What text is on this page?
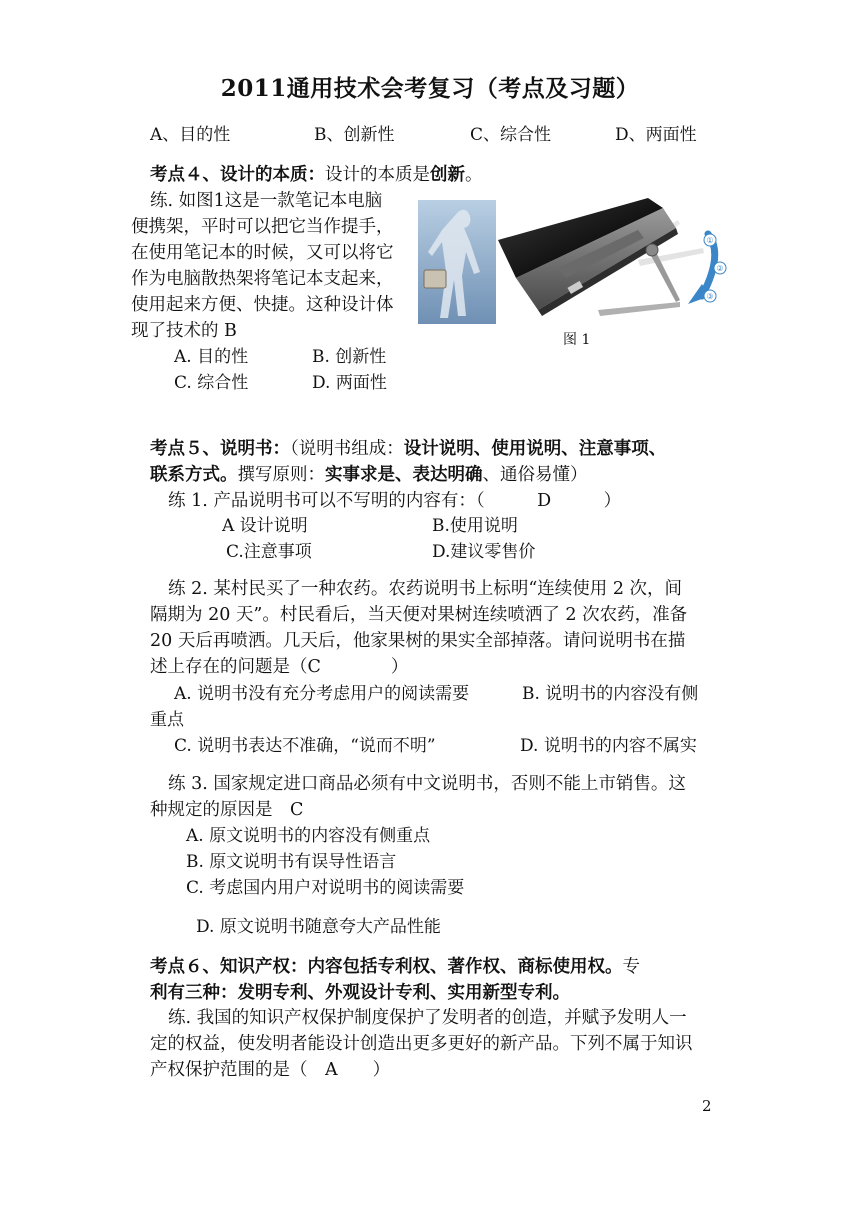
2011通用技术会考复习（考点及习题）
A、目的性	B、创新性	C、综合性	D、两面性
考点４、设计的本质：设计的本质是创新。
练. 如图1这是一款笔记本电脑
便携架，平时可以把它当作提手，
在使用笔记本的时候，又可以将它
作为电脑散热架将笔记本支起来，
使用起来方便、快捷。这种设计体
现了技术的 B
A. 目的性	B. 创新性
C. 综合性	D. 两面性
①
②
③
图 1
考点５、说明书：（说明书组成：设计说明、使用说明、注意事项、
联系方式。撰写原则：实事求是、表达明确、通俗易懂）
练 1. 产品说明书可以不写明的内容有：（　　　D　　　）
A 设计说明	B.使用说明
C.注意事项	D.建议零售价
练 2. 某村民买了一种农药。农药说明书上标明“连续使用 2 次，间
隔期为 20 天”。村民看后，当天便对果树连续喷洒了 2 次农药，准备
20 天后再喷洒。几天后，他家果树的果实全部掉落。请问说明书在描
述上存在的问题是（C　　　　）
A. 说明书没有充分考虑用户的阅读需要	B. 说明书的内容没有侧
重点
C. 说明书表达不准确，“说而不明”	D. 说明书的内容不属实
练 3. 国家规定进口商品必须有中文说明书，否则不能上市销售。这
种规定的原因是　C
A. 原文说明书的内容没有侧重点
B. 原文说明书有误导性语言
C. 考虑国内用户对说明书的阅读需要
D. 原文说明书随意夸大产品性能
考点６、知识产权：内容包括专利权、著作权、商标使用权。专
利有三种：发明专利、外观设计专利、实用新型专利。
练. 我国的知识产权保护制度保护了发明者的创造，并赋予发明人一
定的权益，使发明者能设计创造出更多更好的新产品。下列不属于知识
产权保护范围的是（　A　　）
2
